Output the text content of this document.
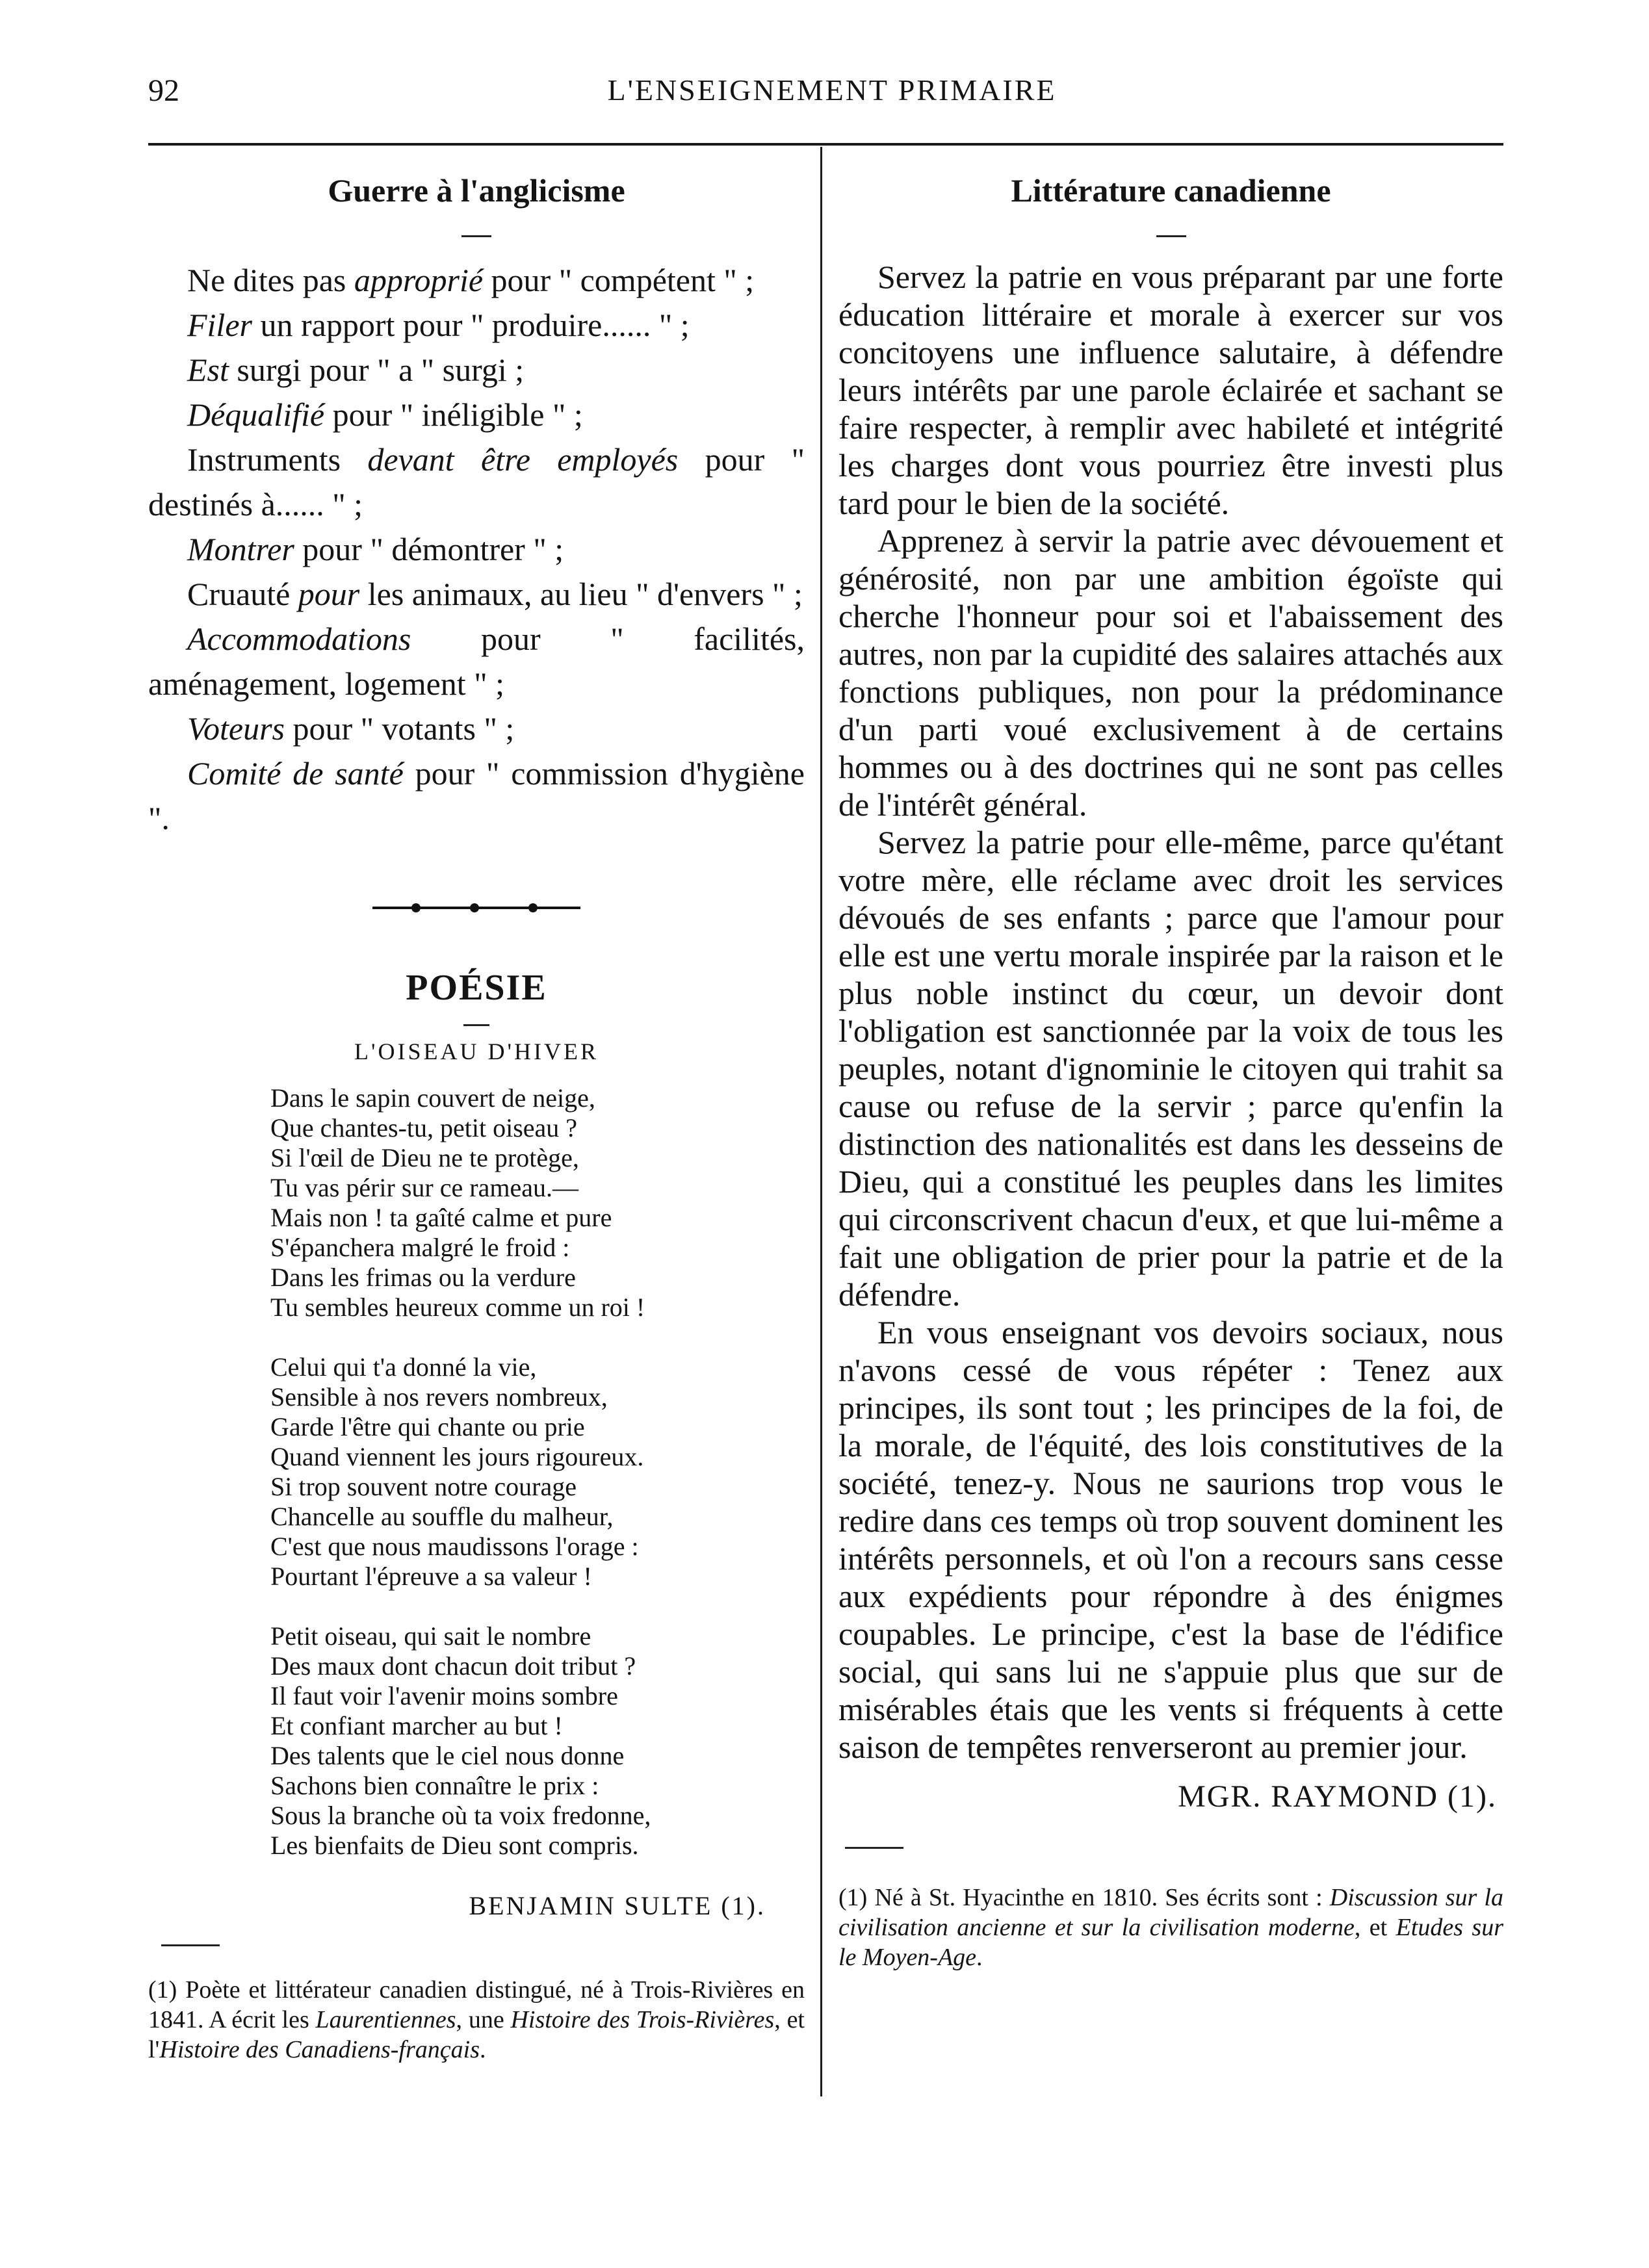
92	L'ENSEIGNEMENT PRIMAIRE
Guerre à l'anglicisme

Ne dites pas approprié pour " compétent " ;

Filer un rapport pour " produire...... " ;

Est surgi pour " a " surgi ;

Déqualifié pour " inéligible " ;

Instruments devant être employés pour " destinés à...... " ;

Montrer pour " démontrer " ;

Cruauté pour les animaux, au lieu " d'envers " ;

Accommodations pour " facilités, aménagement, logement " ;

Voteurs pour " votants " ;

Comité de santé pour " commission d'hygiène ".

POÉSIE
L'OISEAU D'HIVER

Dans le sapin couvert de neige,

Que chantes-tu, petit oiseau ?

Si l'œil de Dieu ne te protège,

Tu vas périr sur ce rameau.—

Mais non ! ta gaîté calme et pure

S'épanchera malgré le froid :

Dans les frimas ou la verdure

Tu sembles heureux comme un roi !

Celui qui t'a donné la vie,

Sensible à nos revers nombreux,

Garde l'être qui chante ou prie

Quand viennent les jours rigoureux.

Si trop souvent notre courage

Chancelle au souffle du malheur,

C'est que nous maudissons l'orage :

Pourtant l'épreuve a sa valeur !

Petit oiseau, qui sait le nombre

Des maux dont chacun doit tribut ?

Il faut voir l'avenir moins sombre

Et confiant marcher au but !

Des talents que le ciel nous donne

Sachons bien connaître le prix :

Sous la branche où ta voix fredonne,

Les bienfaits de Dieu sont compris.

BENJAMIN SULTE (1).
(1) Poète et littérateur canadien distingué, né à Trois-Rivières en 1841. A écrit les Laurentiennes, une Histoire des Trois-Rivières, et l'Histoire des Canadiens-français.
Littérature canadienne

Servez la patrie en vous préparant par une forte éducation littéraire et morale à exercer sur vos concitoyens une influence salutaire, à défendre leurs intérêts par une parole éclairée et sachant se faire respecter, à remplir avec habileté et intégrité les charges dont vous pourriez être investi plus tard pour le bien de la société.

Apprenez à servir la patrie avec dévouement et générosité, non par une ambition égoïste qui cherche l'honneur pour soi et l'abaissement des autres, non par la cupidité des salaires attachés aux fonctions publiques, non pour la prédominance d'un parti voué exclusivement à de certains hommes ou à des doctrines qui ne sont pas celles de l'intérêt général.

Servez la patrie pour elle-même, parce qu'étant votre mère, elle réclame avec droit les services dévoués de ses enfants ; parce que l'amour pour elle est une vertu morale inspirée par la raison et le plus noble instinct du cœur, un devoir dont l'obligation est sanctionnée par la voix de tous les peuples, notant d'ignominie le citoyen qui trahit sa cause ou refuse de la servir ; parce qu'enfin la distinction des nationalités est dans les desseins de Dieu, qui a constitué les peuples dans les limites qui circonscrivent chacun d'eux, et que lui-même a fait une obligation de prier pour la patrie et de la défendre.

En vous enseignant vos devoirs sociaux, nous n'avons cessé de vous répéter : Tenez aux principes, ils sont tout ; les principes de la foi, de la morale, de l'équité, des lois constitutives de la société, tenez-y. Nous ne saurions trop vous le redire dans ces temps où trop souvent dominent les intérêts personnels, et où l'on a recours sans cesse aux expédients pour répondre à des énigmes coupables. Le principe, c'est la base de l'édifice social, qui sans lui ne s'appuie plus que sur de misérables étais que les vents si fréquents à cette saison de tempêtes renverseront au premier jour.

MGR. RAYMOND (1).
(1) Né à St. Hyacinthe en 1810. Ses écrits sont : Discussion sur la civilisation ancienne et sur la civilisation moderne, et Etudes sur le Moyen-Age.
